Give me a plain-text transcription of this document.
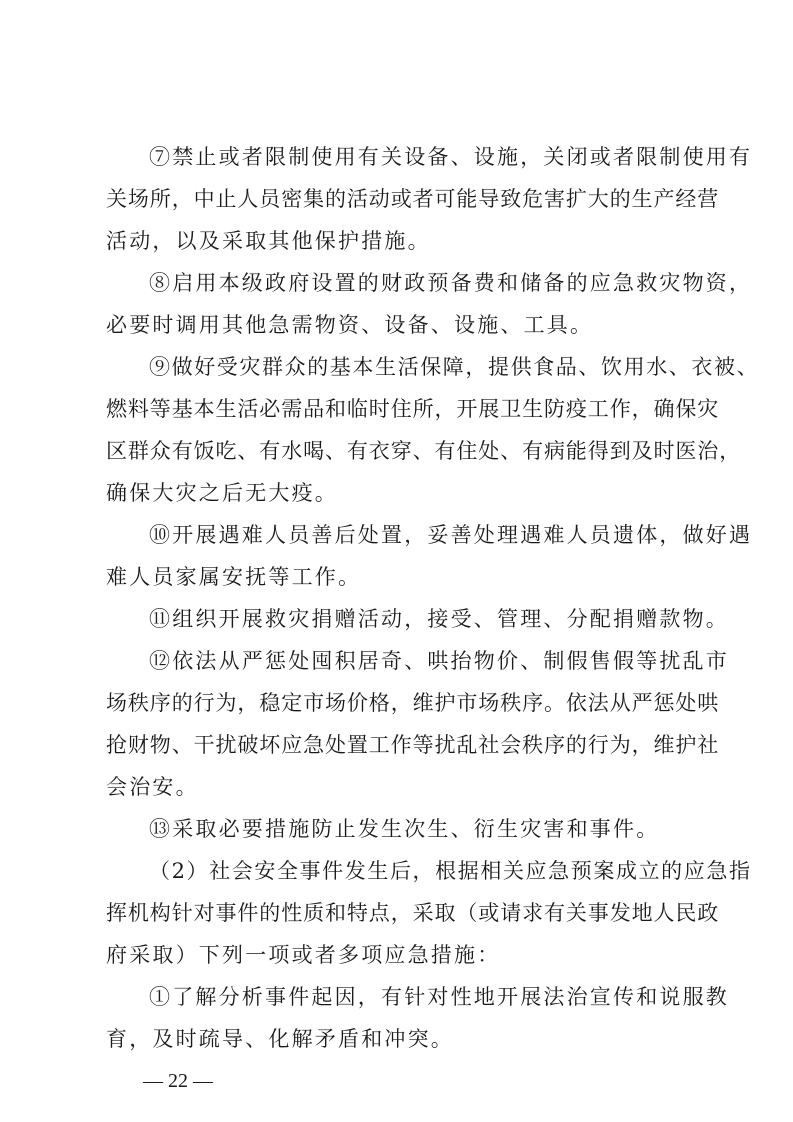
⑦禁止或者限制使用有关设备、设施，关闭或者限制使用有
关场所，中止人员密集的活动或者可能导致危害扩大的生产经营
活动，以及采取其他保护措施。
⑧启用本级政府设置的财政预备费和储备的应急救灾物资，
必要时调用其他急需物资、设备、设施、工具。
⑨做好受灾群众的基本生活保障，提供食品、饮用水、衣被、
燃料等基本生活必需品和临时住所，开展卫生防疫工作，确保灾
区群众有饭吃、有水喝、有衣穿、有住处、有病能得到及时医治，
确保大灾之后无大疫。
⑩开展遇难人员善后处置，妥善处理遇难人员遗体，做好遇
难人员家属安抚等工作。
⑪组织开展救灾捐赠活动，接受、管理、分配捐赠款物。
⑫依法从严惩处囤积居奇、哄抬物价、制假售假等扰乱市
场秩序的行为，稳定市场价格，维护市场秩序。依法从严惩处哄
抢财物、干扰破坏应急处置工作等扰乱社会秩序的行为，维护社
会治安。
⑬采取必要措施防止发生次生、衍生灾害和事件。
（2）社会安全事件发生后，根据相关应急预案成立的应急指
挥机构针对事件的性质和特点，采取（或请求有关事发地人民政
府采取）下列一项或者多项应急措施：
①了解分析事件起因，有针对性地开展法治宣传和说服教
育，及时疏导、化解矛盾和冲突。
— 22 —
